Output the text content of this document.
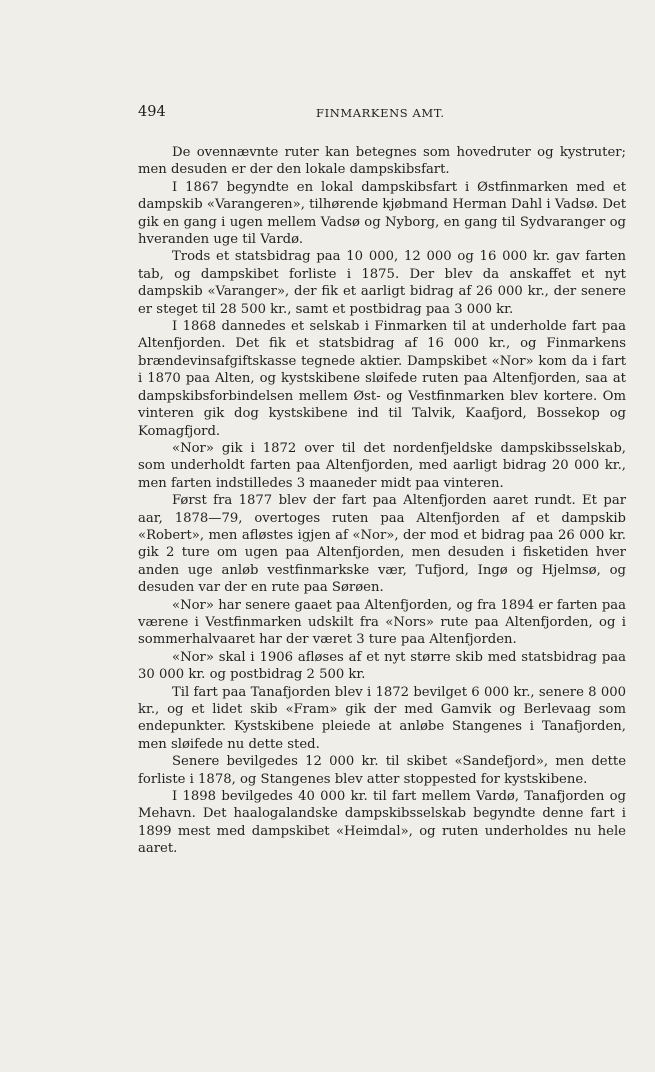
494	FINMARKENS AMT.

De ovennævnte ruter kan betegnes som hovedruter og kystruter; men desuden er der den lokale dampskibsfart.

I 1867 begyndte en lokal dampskibsfart i Østfinmarken med et dampskib «Varangeren», tilhørende kjøbmand Herman Dahl i Vadsø. Det gik en gang i ugen mellem Vadsø og Nyborg, en gang til Sydvaranger og hveranden uge til Vardø.

Trods et statsbidrag paa 10 000, 12 000 og 16 000 kr. gav farten tab, og dampskibet forliste i 1875. Der blev da anskaffet et nyt dampskib «Varanger», der fik et aarligt bidrag af 26 000 kr., der senere er steget til 28 500 kr., samt et postbidrag paa 3 000 kr.

I 1868 dannedes et selskab i Finmarken til at underholde fart paa Altenfjorden. Det fik et statsbidrag af 16 000 kr., og Finmarkens brændevinsafgiftskasse tegnede aktier. Dampskibet «Nor» kom da i fart i 1870 paa Alten, og kystskibene sløifede ruten paa Altenfjorden, saa at dampskibsforbindelsen mellem Øst- og Vestfinmarken blev kortere. Om vinteren gik dog kystskibene ind til Talvik, Kaafjord, Bossekop og Komagfjord.

«Nor» gik i 1872 over til det nordenfjeldske dampskibsselskab, som underholdt farten paa Altenfjorden, med aarligt bidrag 20 000 kr., men farten indstilledes 3 maaneder midt paa vinteren.

Først fra 1877 blev der fart paa Altenfjorden aaret rundt. Et par aar, 1878—79, overtoges ruten paa Altenfjorden af et dampskib «Robert», men afløstes igjen af «Nor», der mod et bidrag paa 26 000 kr. gik 2 ture om ugen paa Altenfjorden, men desuden i fisketiden hver anden uge anløb vestfinmarkske vær, Tufjord, Ingø og Hjelmsø, og desuden var der en rute paa Sørøen.

«Nor» har senere gaaet paa Altenfjorden, og fra 1894 er farten paa værene i Vestfinmarken udskilt fra «Nors» rute paa Altenfjorden, og i sommerhalvaaret har der været 3 ture paa Altenfjorden.

«Nor» skal i 1906 afløses af et nyt større skib med statsbidrag paa 30 000 kr. og postbidrag 2 500 kr.

Til fart paa Tanafjorden blev i 1872 bevilget 6 000 kr., senere 8 000 kr., og et lidet skib «Fram» gik der med Gamvik og Berlevaag som endepunkter. Kystskibene pleiede at anløbe Stangenes i Tanafjorden, men sløifede nu dette sted.

Senere bevilgedes 12 000 kr. til skibet «Sandefjord», men dette forliste i 1878, og Stangenes blev atter stoppested for kystskibene.

I 1898 bevilgedes 40 000 kr. til fart mellem Vardø, Tanafjorden og Mehavn. Det haalogalandske dampskibsselskab begyndte denne fart i 1899 mest med dampskibet «Heimdal», og ruten underholdes nu hele aaret.
